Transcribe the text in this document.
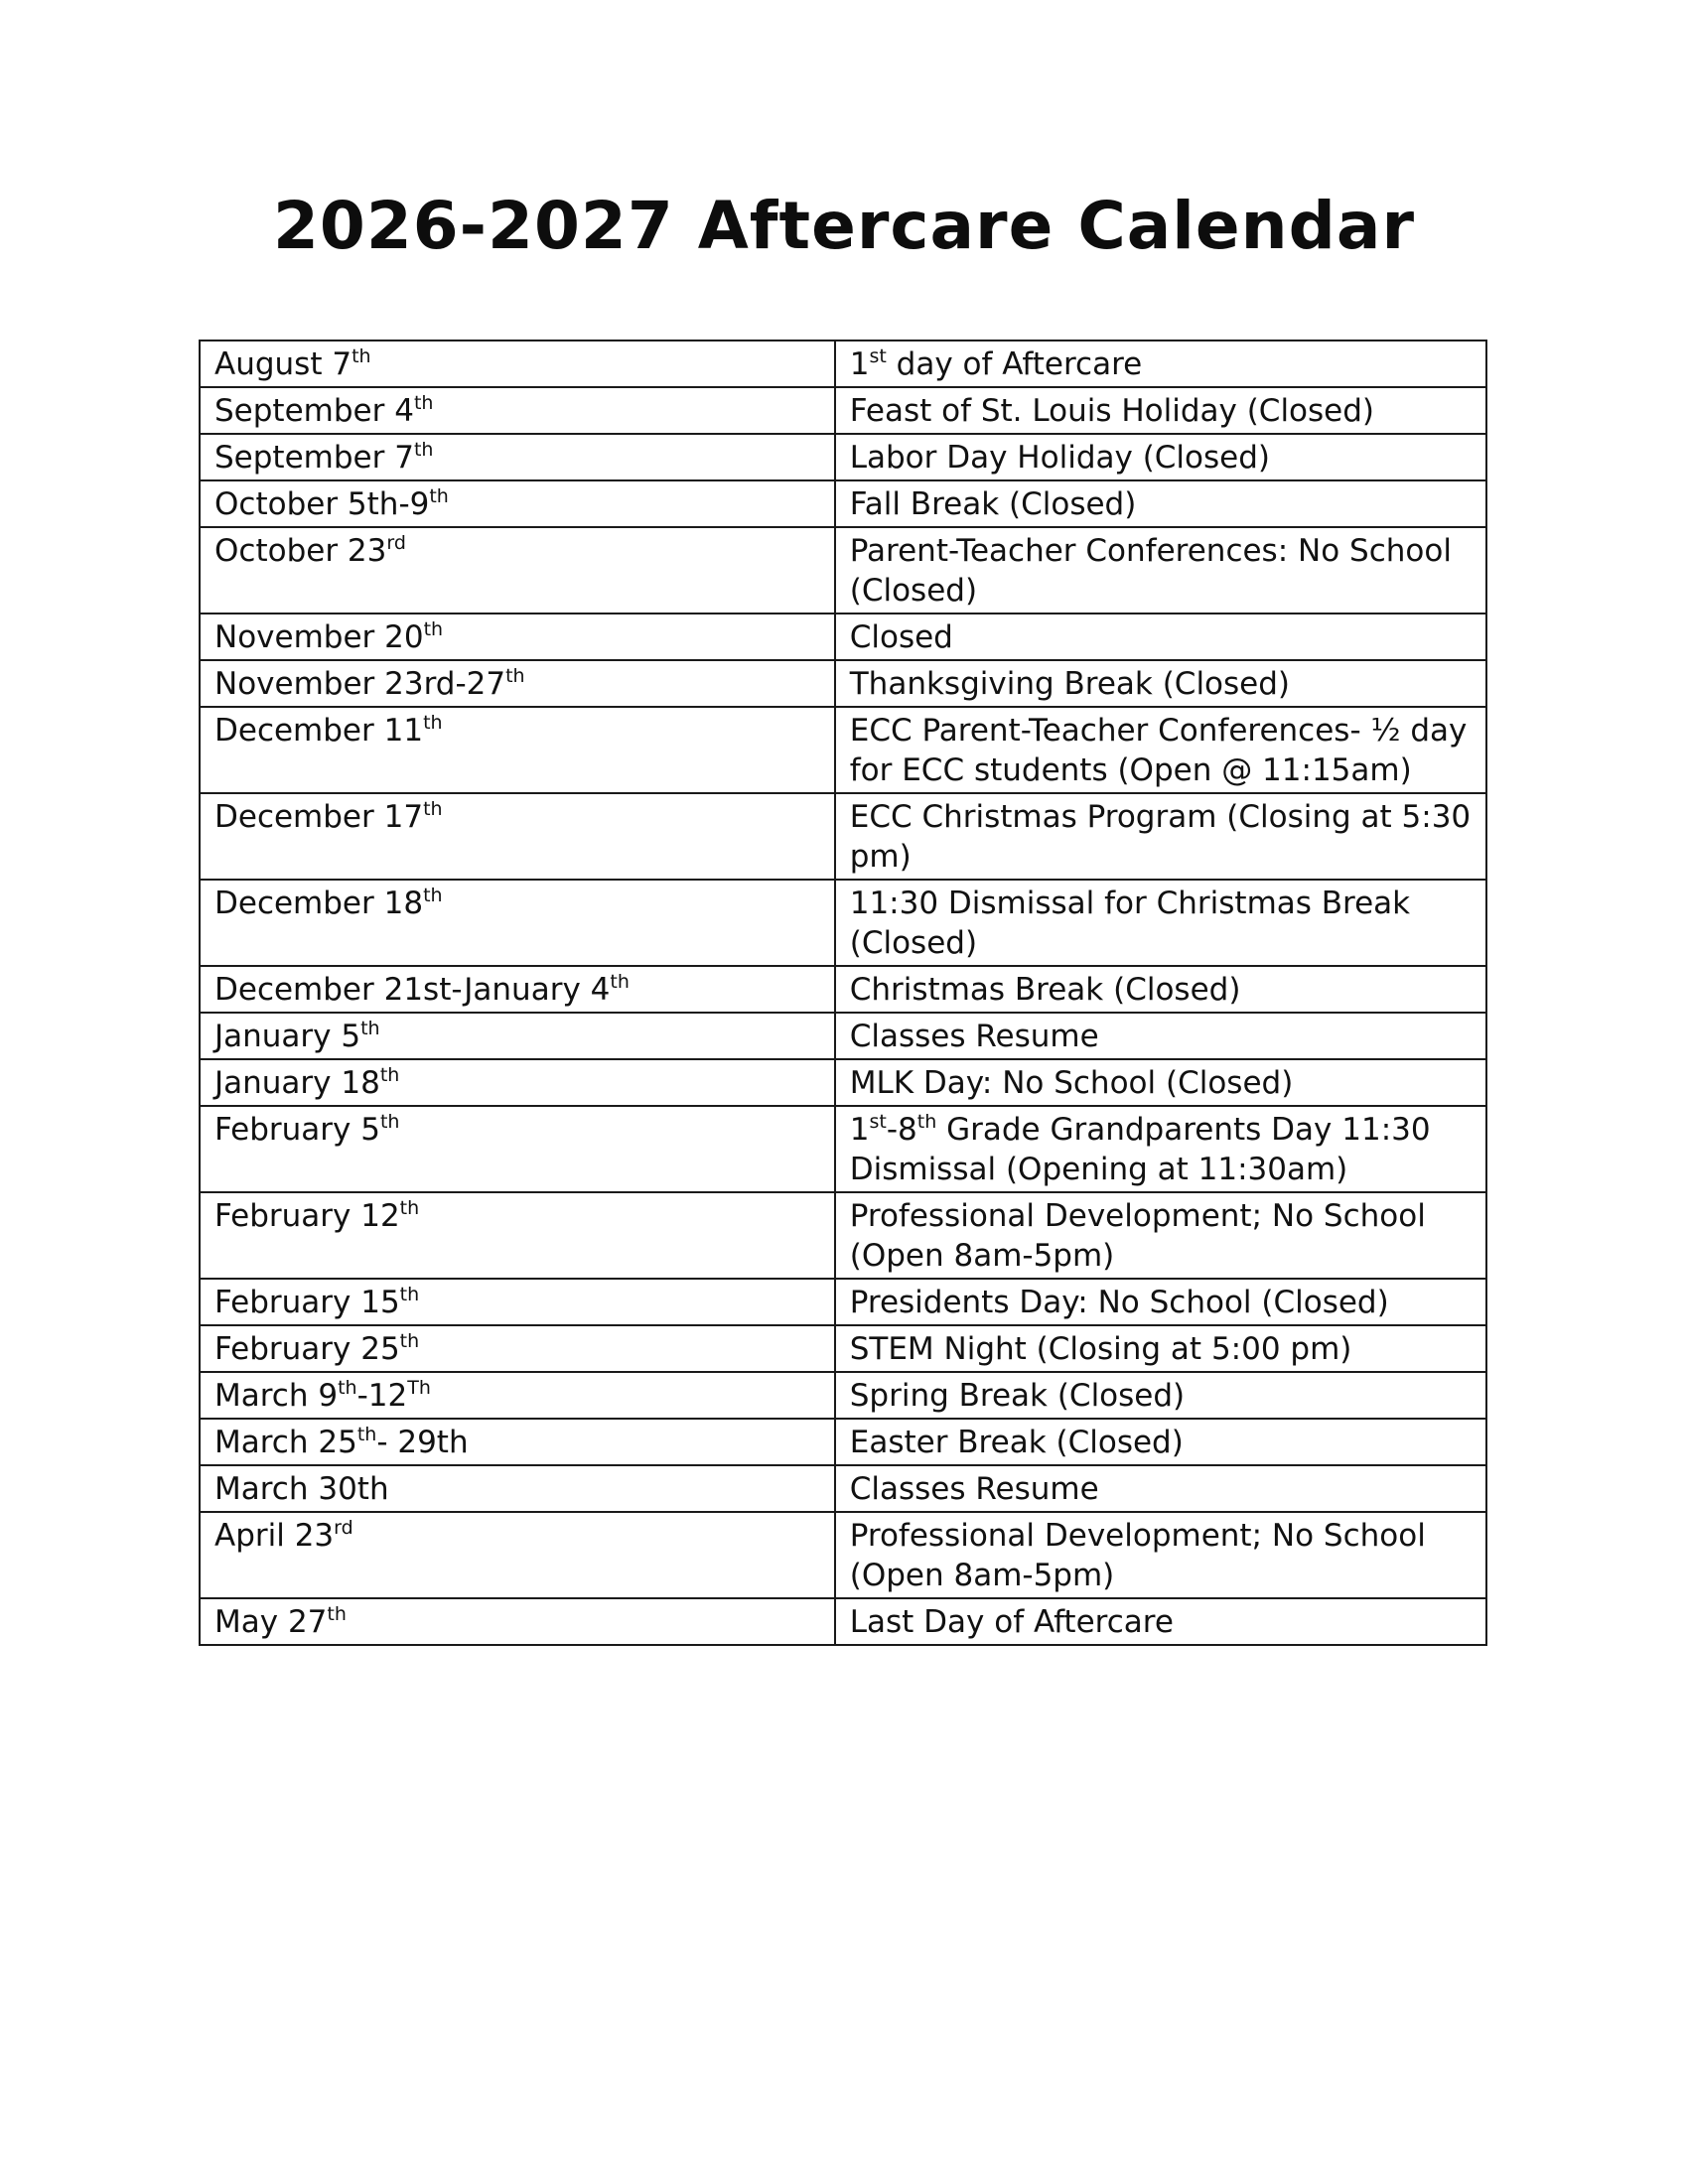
2026-2027 Aftercare Calendar
August 7th	1st day of Aftercare
September 4th	Feast of St. Louis Holiday (Closed)
September 7th	Labor Day Holiday (Closed)
October 5th-9th	Fall Break (Closed)
October 23rd	Parent-Teacher Conferences: No School (Closed)
November 20th	Closed
November 23rd-27th	Thanksgiving Break (Closed)
December 11th	ECC Parent-Teacher Conferences- ½ day for ECC students (Open @ 11:15am)
December 17th	ECC Christmas Program (Closing at 5:30 pm)
December 18th	11:30 Dismissal for Christmas Break (Closed)
December 21st-January 4th	Christmas Break (Closed)
January 5th	Classes Resume
January 18th	MLK Day: No School (Closed)
February 5th	1st-8th Grade Grandparents Day 11:30 Dismissal (Opening at 11:30am)
February 12th	Professional Development; No School (Open 8am-5pm)
February 15th	Presidents Day: No School (Closed)
February 25th	STEM Night (Closing at 5:00 pm)
March 9th-12Th	Spring Break (Closed)
March 25th- 29th	Easter Break (Closed)
March 30th	Classes Resume
April 23rd	Professional Development; No School (Open 8am-5pm)
May 27th	Last Day of Aftercare
